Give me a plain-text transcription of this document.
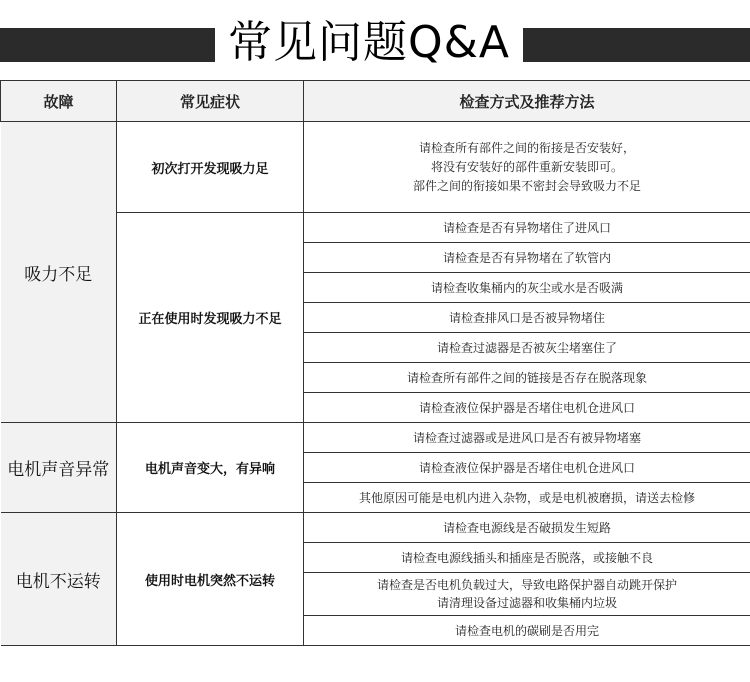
常见问题Q&A
故障	常见症状	检查方式及推荐方法
吸力不足	初次打开发现吸力足	请检查所有部件之间的衔接是否安装好，
将没有安装好的部件重新安装即可。
部件之间的衔接如果不密封会导致吸力不足

	正在使用时发现吸力不足	请检查是否有异物堵住了进风口
		请检查是否有异物堵在了软管内
		请检查收集桶内的灰尘或水是否吸满
		请检查排风口是否被异物堵住
		请检查过滤器是否被灰尘堵塞住了
		请检查所有部件之间的链接是否存在脱落现象
		请检查液位保护器是否堵住电机仓进风口
电机声音异常	电机声音变大，有异响	请检查过滤器或是进风口是否有被异物堵塞
		请检查液位保护器是否堵住电机仓进风口
		其他原因可能是电机内进入杂物，或是电机被磨损，请送去检修
电机不运转	使用时电机突然不运转	请检查电源线是否破损发生短路
		请检查电源线插头和插座是否脱落，或接触不良

		请检查是否电机负载过大，导致电路保护器自动跳开保护
请清理设备过滤器和收集桶内垃圾

		请检查电机的碳刷是否用完
